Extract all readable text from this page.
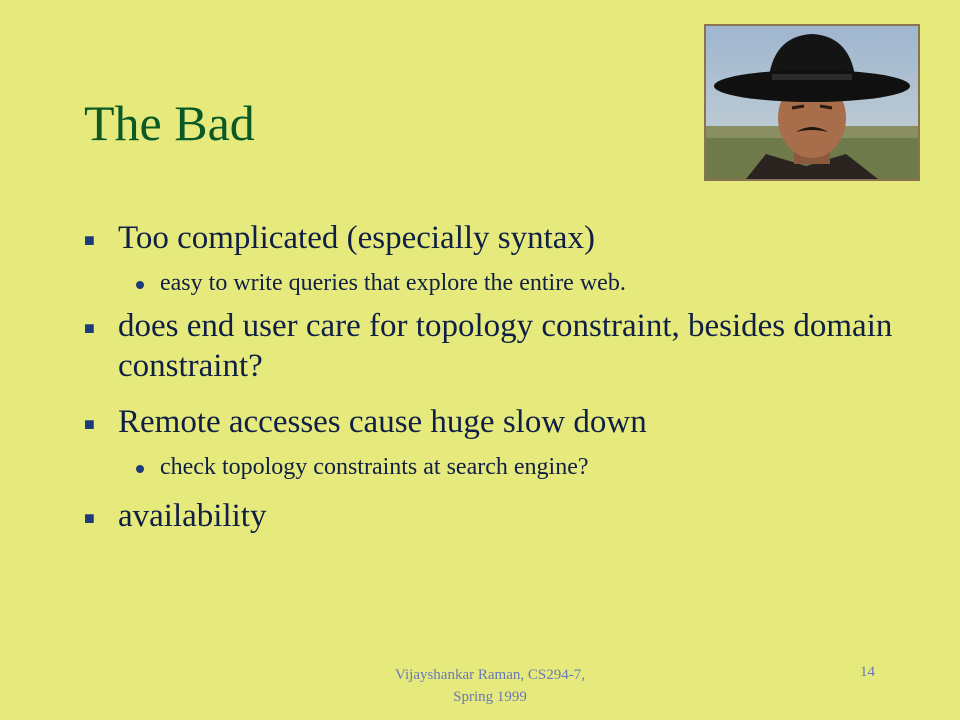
The Bad
■ Too complicated (especially syntax)
easy to write queries that explore the entire web.
■ does end user care for topology constraint, besides domain constraint?
■ Remote accesses cause huge slow down
check topology constraints at search engine?
■ availability
Vijayshankar Raman, CS294-7,
Spring 1999
14
